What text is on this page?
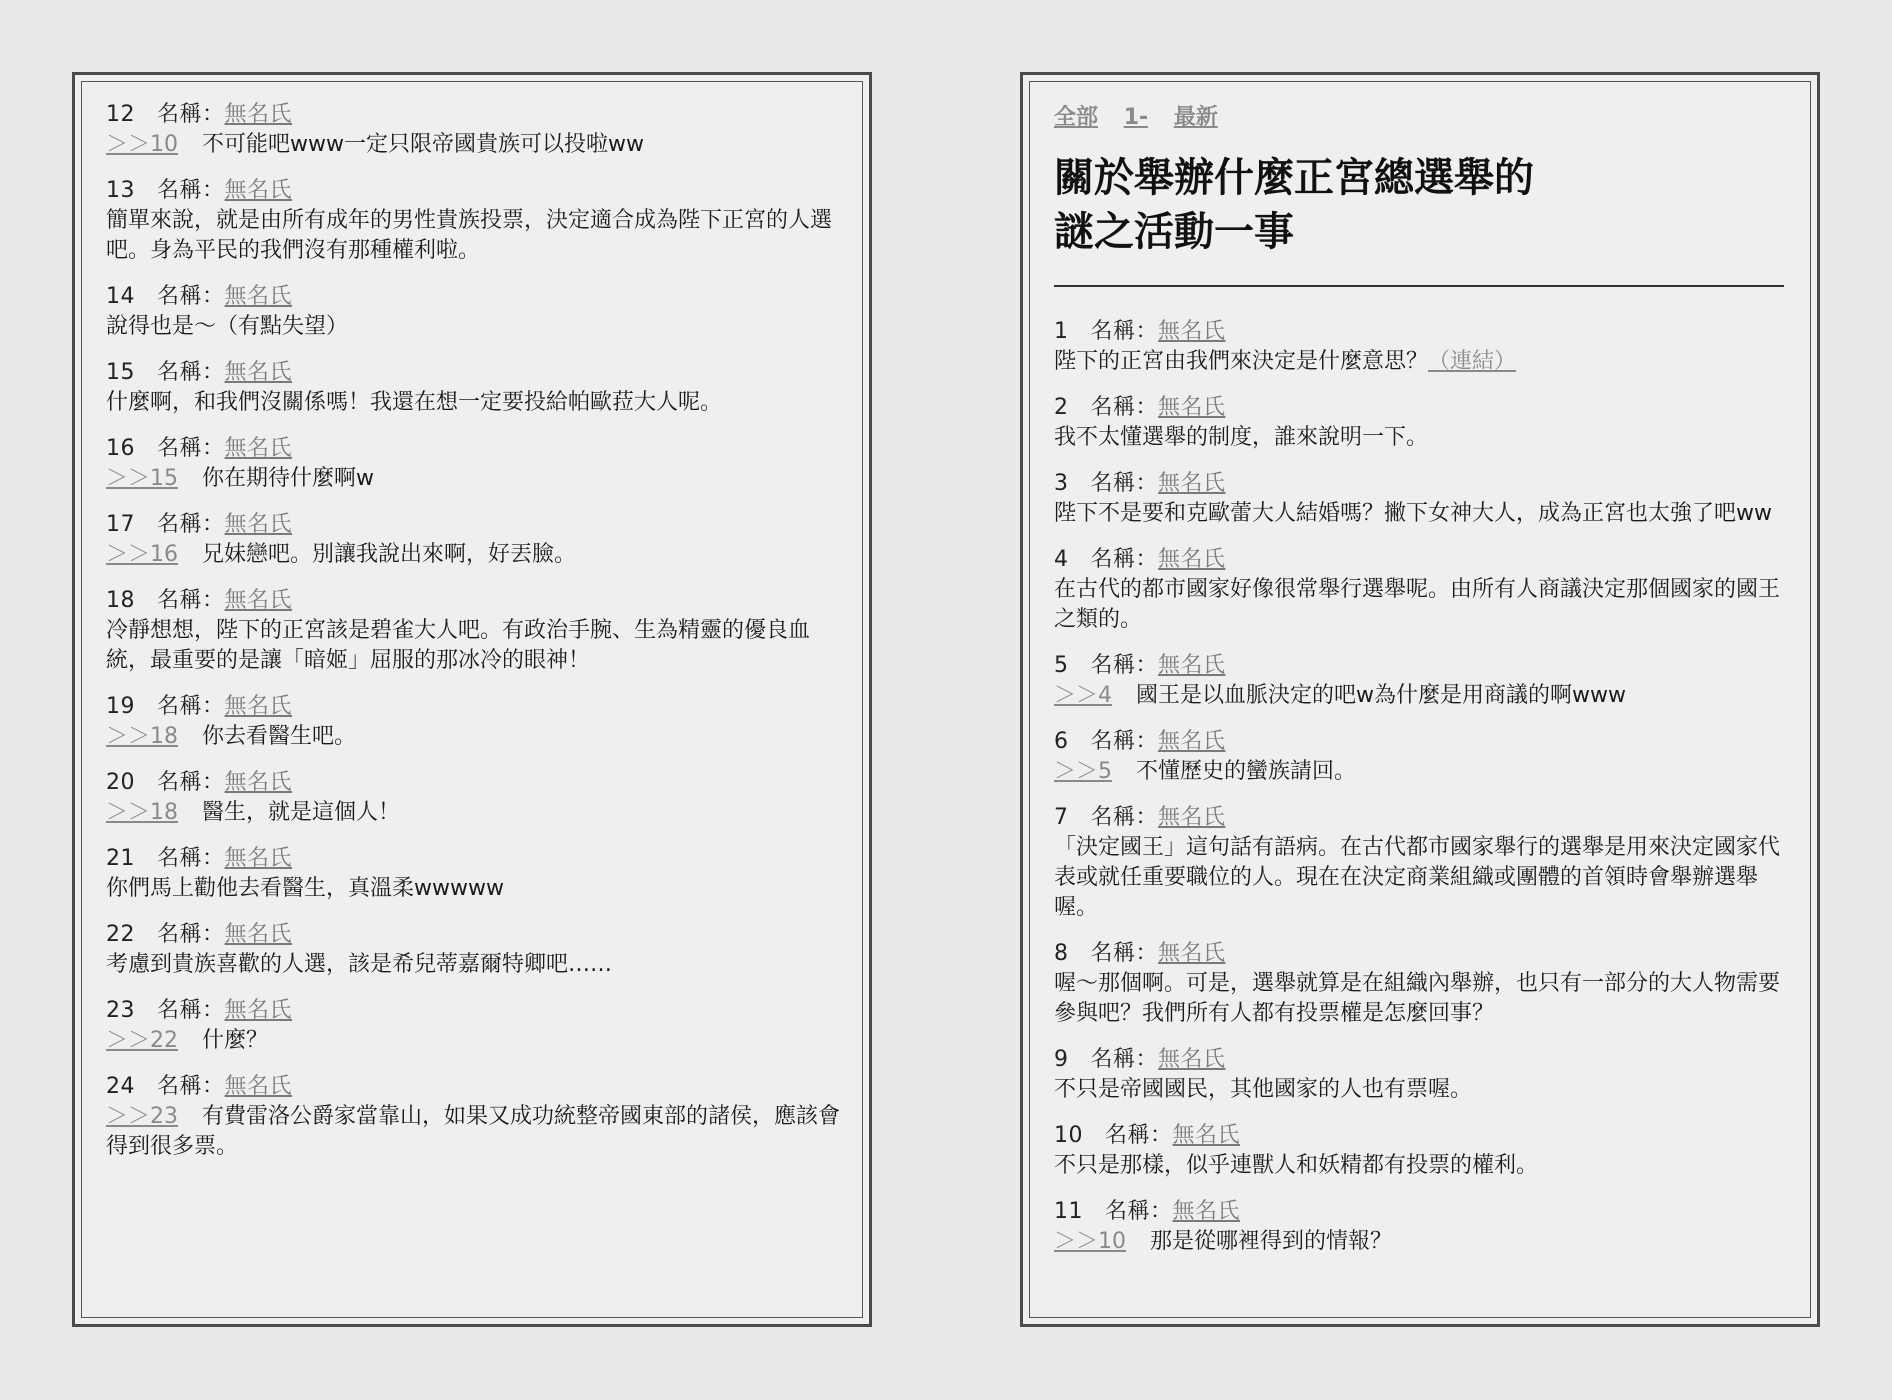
12 名稱：無名氏
＞＞10 不可能吧www一定只限帝國貴族可以投啦ww
13 名稱：無名氏
簡單來說，就是由所有成年的男性貴族投票，決定適合成為陛下正宮的人選吧。身為平民的我們沒有那種權利啦。
14 名稱：無名氏
說得也是～（有點失望）
15 名稱：無名氏
什麼啊，和我們沒關係嗎！我還在想一定要投給帕歐菈大人呢。
16 名稱：無名氏
＞＞15 你在期待什麼啊w
17 名稱：無名氏
＞＞16 兄妹戀吧。別讓我說出來啊，好丟臉。
18 名稱：無名氏
冷靜想想，陛下的正宮該是碧雀大人吧。有政治手腕、生為精靈的優良血統，最重要的是讓「暗姬」屈服的那冰冷的眼神！
19 名稱：無名氏
＞＞18 你去看醫生吧。
20 名稱：無名氏
＞＞18 醫生，就是這個人！
21 名稱：無名氏
你們馬上勸他去看醫生，真溫柔wwwww
22 名稱：無名氏
考慮到貴族喜歡的人選，該是希兒蒂嘉爾特卿吧……
23 名稱：無名氏
＞＞22 什麼？
24 名稱：無名氏
＞＞23 有費雷洛公爵家當靠山，如果又成功統整帝國東部的諸侯，應該會得到很多票。
全部 1- 最新
關於舉辦什麼正宮總選舉的
謎之活動一事
1 名稱：無名氏
陛下的正宮由我們來決定是什麼意思？（連結）
2 名稱：無名氏
我不太懂選舉的制度，誰來說明一下。
3 名稱：無名氏
陛下不是要和克歐蕾大人結婚嗎？撇下女神大人，成為正宮也太強了吧ww
4 名稱：無名氏
在古代的都市國家好像很常舉行選舉呢。由所有人商議決定那個國家的國王之類的。
5 名稱：無名氏
＞＞4 國王是以血脈決定的吧w為什麼是用商議的啊www
6 名稱：無名氏
＞＞5 不懂歷史的蠻族請回。
7 名稱：無名氏
「決定國王」這句話有語病。在古代都市國家舉行的選舉是用來決定國家代表或就任重要職位的人。現在在決定商業組織或團體的首領時會舉辦選舉喔。
8 名稱：無名氏
喔～那個啊。可是，選舉就算是在組織內舉辦，也只有一部分的大人物需要參與吧？我們所有人都有投票權是怎麼回事？
9 名稱：無名氏
不只是帝國國民，其他國家的人也有票喔。
10 名稱：無名氏
不只是那樣，似乎連獸人和妖精都有投票的權利。
11 名稱：無名氏
＞＞10 那是從哪裡得到的情報？
